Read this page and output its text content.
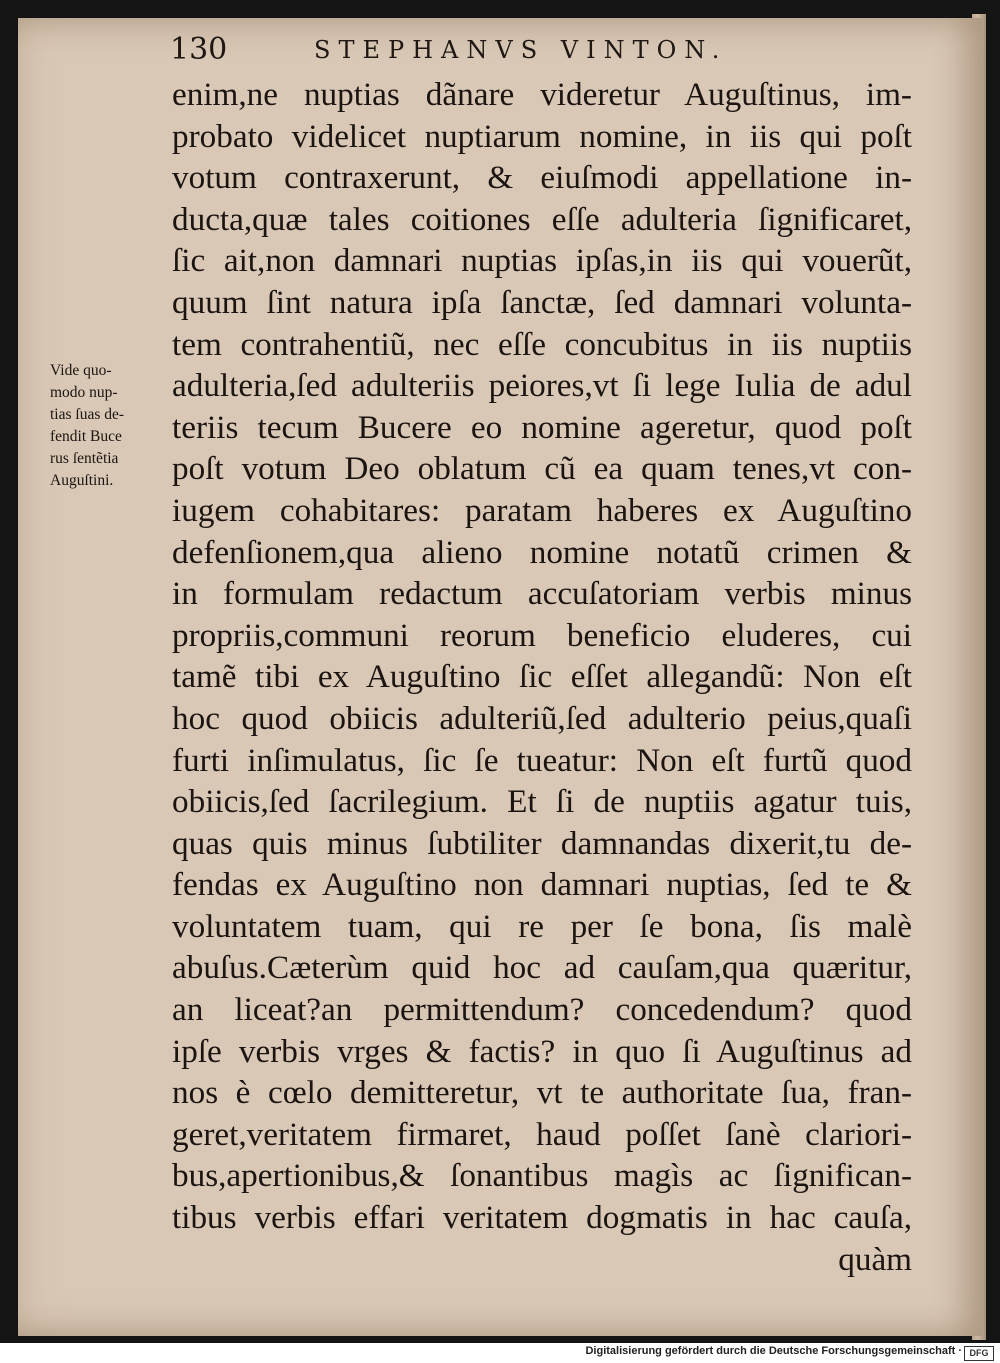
130	STEPHANVS VINTON.
Vide quo-
modo nup-
tias ſuas de-
fendit Buce
rus ſentẽtia
Auguſtini.
enim,ne nuptias dãnare videretur Auguſtinus, im-
probato videlicet nuptiarum nomine, in iis qui poſt
votum contraxerunt, & eiuſmodi appellatione in-
ducta,quæ tales coitiones eſſe adulteria ſignificaret,
ſic ait,non damnari nuptias ipſas,in iis qui vouerũt,
quum ſint natura ipſa ſanctæ, ſed damnari volunta-
tem contrahentiũ, nec eſſe concubitus in iis nuptiis
adulteria,ſed adulteriis peiores,vt ſi lege Iulia de adul
teriis tecum Bucere eo nomine ageretur, quod poſt
poſt votum Deo oblatum cũ ea quam tenes,vt con-
iugem cohabitares: paratam haberes ex Auguſtino
defenſionem,qua alieno nomine notatũ crimen &
in formulam redactum accuſatoriam verbis minus
propriis,communi reorum beneficio eluderes, cui
tamẽ tibi ex Auguſtino ſic eſſet allegandũ: Non eſt
hoc quod obiicis adulteriũ,ſed adulterio peius,quaſi
furti inſimulatus, ſic ſe tueatur: Non eſt furtũ quod
obiicis,ſed ſacrilegium. Et ſi de nuptiis agatur tuis,
quas quis minus ſubtiliter damnandas dixerit,tu de-
fendas ex Auguſtino non damnari nuptias, ſed te &
voluntatem tuam, qui re per ſe bona, ſis malè
abuſus.Cæterùm quid hoc ad cauſam,qua quæritur,
an liceat?an permittendum? concedendum? quod
ipſe verbis vrges & factis? in quo ſi Auguſtinus ad
nos è cœlo demitteretur, vt te authoritate ſua, fran-
geret,veritatem firmaret, haud poſſet ſanè clariori-
bus,apertionibus,& ſonantibus magìs ac ſignifican-
tibus verbis effari veritatem dogmatis in hac cauſa,
quàm
Digitalisierung gefördert durch die Deutsche Forschungsgemeinschaft · DFG
